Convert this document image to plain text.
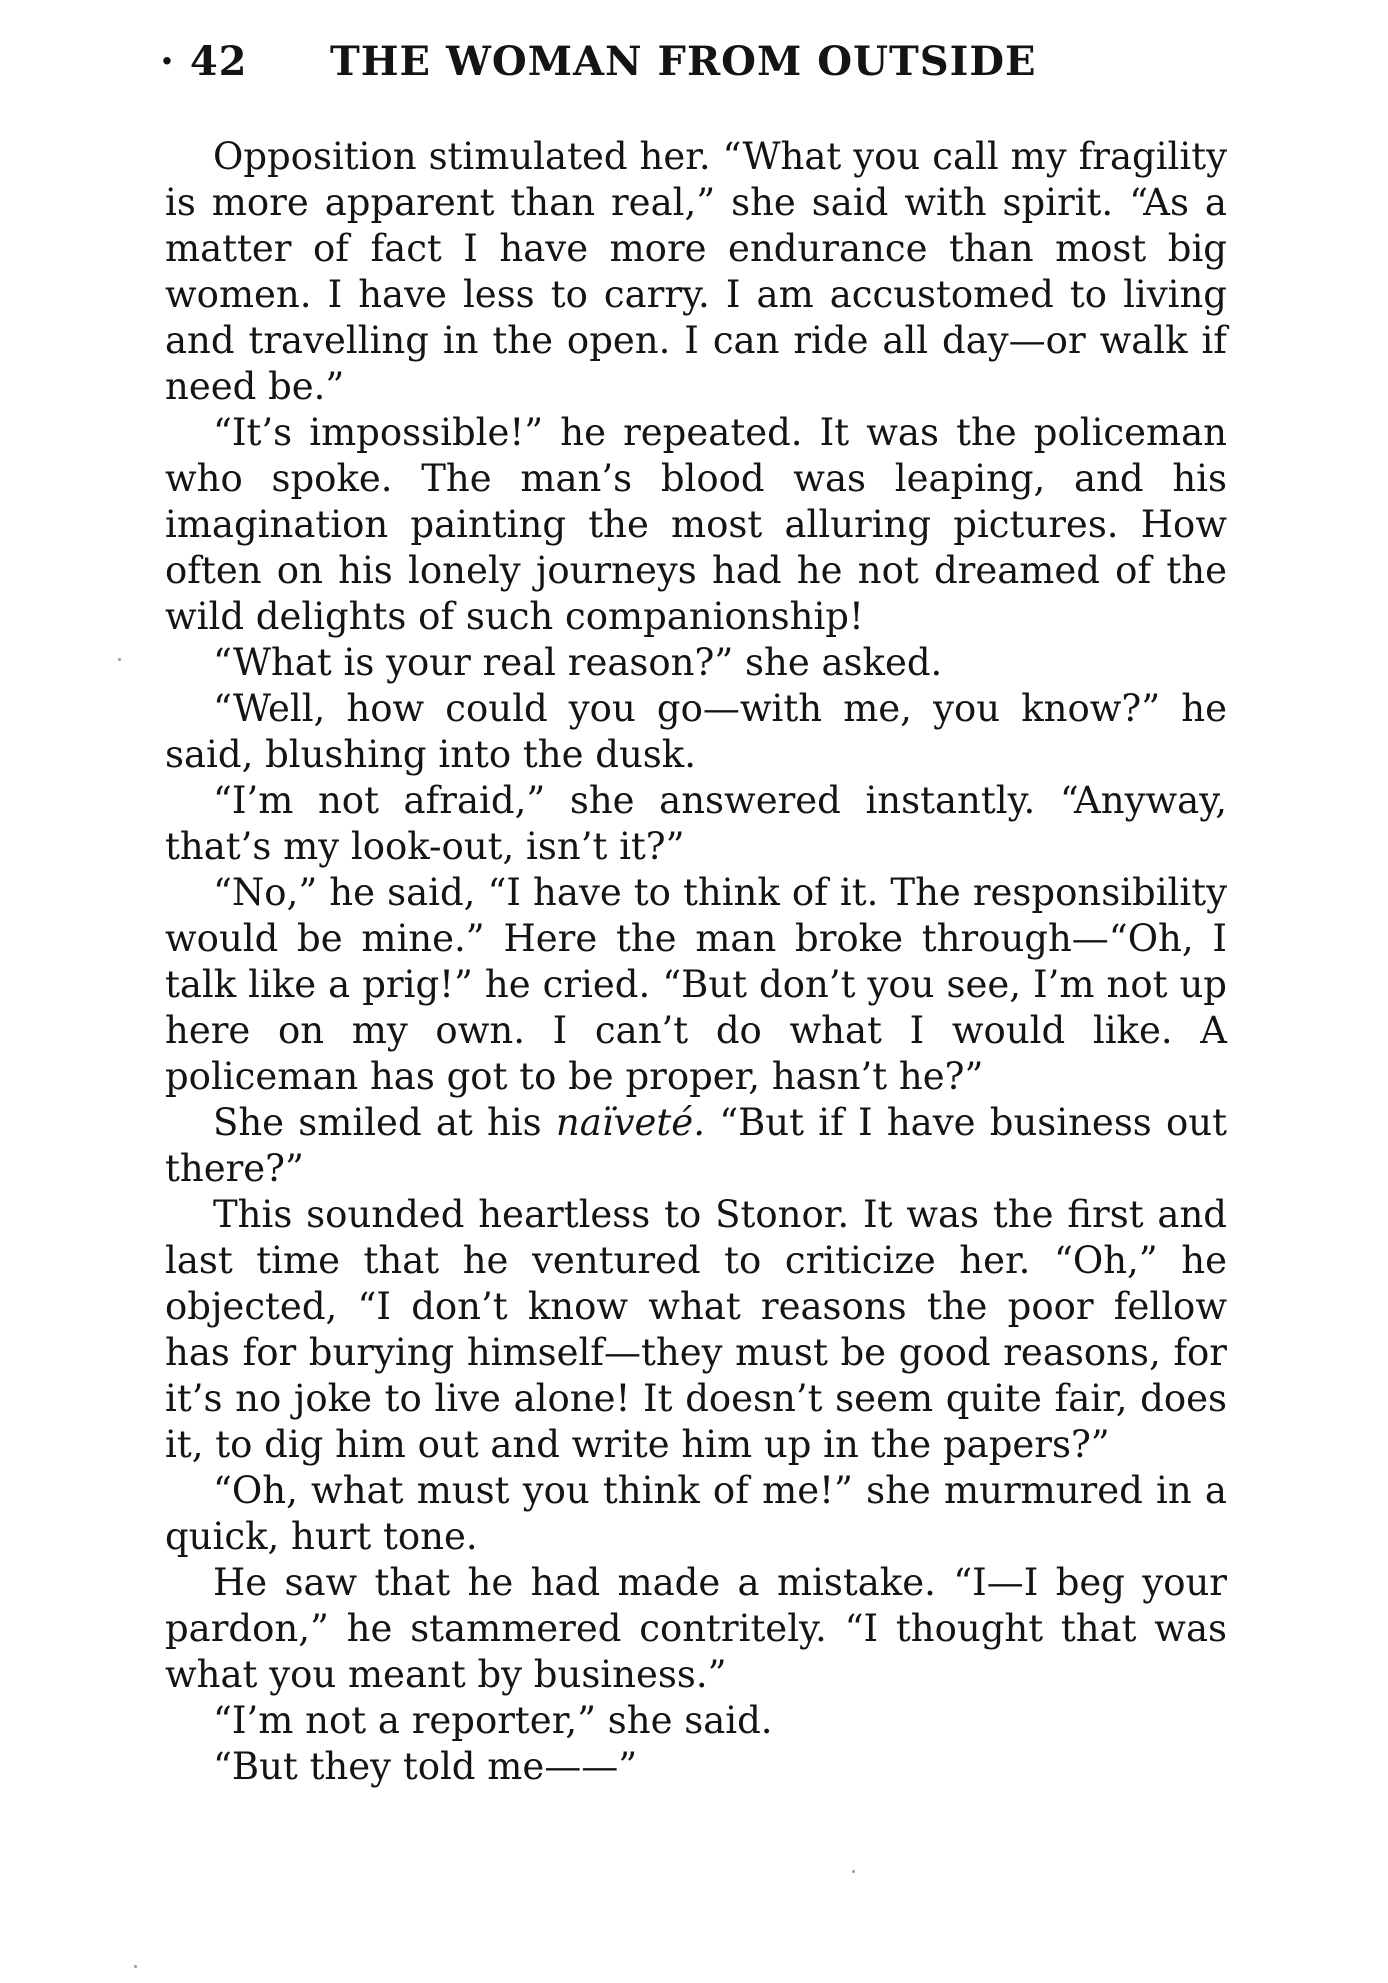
· 42 THE WOMAN FROM OUTSIDE

Opposition stimulated her. “What you call my fragility is more apparent than real,” she said with spirit. “As a matter of fact I have more endurance than most big women. I have less to carry. I am accustomed to living and travelling in the open. I can ride all day—or walk if need be.”

“It’s impossible!” he repeated. It was the policeman who spoke. The man’s blood was leaping, and his imagination painting the most alluring pictures. How often on his lonely journeys had he not dreamed of the wild delights of such companionship!

“What is your real reason?” she asked.

“Well, how could you go—with me, you know?” he said, blushing into the dusk.

“I’m not afraid,” she answered instantly. “Anyway, that’s my look-out, isn’t it?”

“No,” he said, “I have to think of it. The responsibility would be mine.” Here the man broke through—“Oh, I talk like a prig!” he cried. “But don’t you see, I’m not up here on my own. I can’t do what I would like. A policeman has got to be proper, hasn’t he?”

She smiled at his naïveté. “But if I have business out there?”

This sounded heartless to Stonor. It was the first and last time that he ventured to criticize her. “Oh,” he objected, “I don’t know what reasons the poor fellow has for burying himself—they must be good reasons, for it’s no joke to live alone! It doesn’t seem quite fair, does it, to dig him out and write him up in the papers?”

“Oh, what must you think of me!” she murmured in a quick, hurt tone.

He saw that he had made a mistake. “I—I beg your pardon,” he stammered contritely. “I thought that was what you meant by business.”

“I’m not a reporter,” she said.

“But they told me——”
